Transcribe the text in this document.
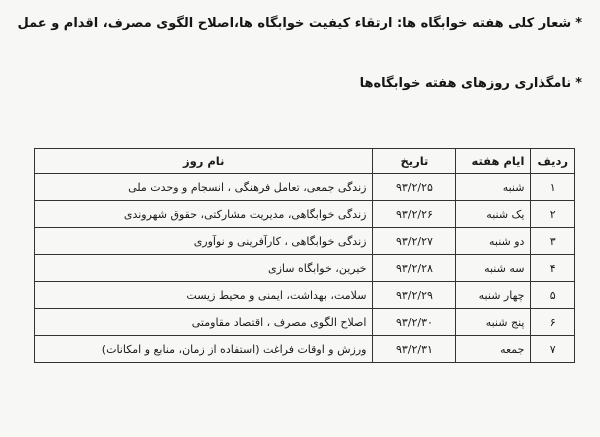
*شعار کلی هفته خوابگاه ها: ارتقاء کیفیت خوابگاه ها،اصلاح الگوی مصرف، اقدام و عمل
*نامگذاری روزهای هفته خوابگاه‌ها
ردیف	ایام هفته	تاریخ	نام روز
۱	شنبه	۹۳/۲/۲۵	زندگی جمعی، تعامل فرهنگی ، انسجام و وحدت ملی
۲	یک شنبه	۹۳/۲/۲۶	زندگی خوابگاهی، مدیریت مشارکتی، حقوق شهروندی
۳	دو شنبه	۹۳/۲/۲۷	زندگی خوابگاهی ، کارآفرینی و نوآوری
۴	سه شنبه	۹۳/۲/۲۸	خیرین، خوابگاه سازی
۵	چهار شنبه	۹۳/۲/۲۹	سلامت، بهداشت، ایمنی و محیط زیست
۶	پنج شنبه	۹۳/۲/۳۰	اصلاح الگوی مصرف ، اقتصاد مقاومتی
۷	جمعه	۹۳/۲/۳۱	ورزش و اوقات فراغت (استفاده از زمان، منابع و امکانات)
